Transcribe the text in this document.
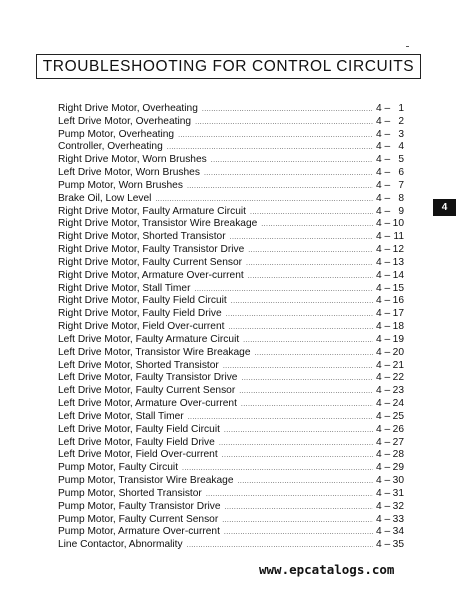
TROUBLESHOOTING FOR CONTROL CIRCUITS
Right Drive Motor, Overheating .....	4 – 1
Left Drive Motor, Overheating .....	4 – 2
Pump Motor, Overheating .....	4 – 3
Controller, Overheating .....	4 – 4
Right Drive Motor, Worn Brushes .....	4 – 5
Left Drive Motor, Worn Brushes .....	4 – 6
Pump Motor, Worn Brushes .....	4 – 7
Brake Oil, Low Level .....	4 – 8
Right Drive Motor, Faulty Armature Circuit .....	4 – 9
Right Drive Motor, Transistor Wire Breakage .....	4 – 10
Right Drive Motor, Shorted Transistor .....	4 – 11
Right Drive Motor, Faulty Transistor Drive .....	4 – 12
Right Drive Motor, Faulty Current Sensor .....	4 – 13
Right Drive Motor, Armature Over-current .....	4 – 14
Right Drive Motor, Stall Timer .....	4 – 15
Right Drive Motor, Faulty Field Circuit .....	4 – 16
Right Drive Motor, Faulty Field Drive .....	4 – 17
Right Drive Motor, Field Over-current .....	4 – 18
Left Drive Motor, Faulty Armature Circuit .....	4 – 19
Left Drive Motor, Transistor Wire Breakage .....	4 – 20
Left Drive Motor, Shorted Transistor .....	4 – 21
Left Drive Motor, Faulty Transistor Drive .....	4 – 22
Left Drive Motor, Faulty Current Sensor .....	4 – 23
Left Drive Motor, Armature Over-current .....	4 – 24
Left Drive Motor, Stall Timer .....	4 – 25
Left Drive Motor, Faulty Field Circuit .....	4 – 26
Left Drive Motor, Faulty Field Drive .....	4 – 27
Left Drive Motor, Field Over-current .....	4 – 28
Pump Motor, Faulty Circuit .....	4 – 29
Pump Motor, Transistor Wire Breakage .....	4 – 30
Pump Motor, Shorted Transistor .....	4 – 31
Pump Motor, Faulty Transistor Drive .....	4 – 32
Pump Motor, Faulty Current Sensor .....	4 – 33
Pump Motor, Armature Over-current .....	4 – 34
Line Contactor, Abnormality .....	4 – 35
4
www.epcatalogs.com
